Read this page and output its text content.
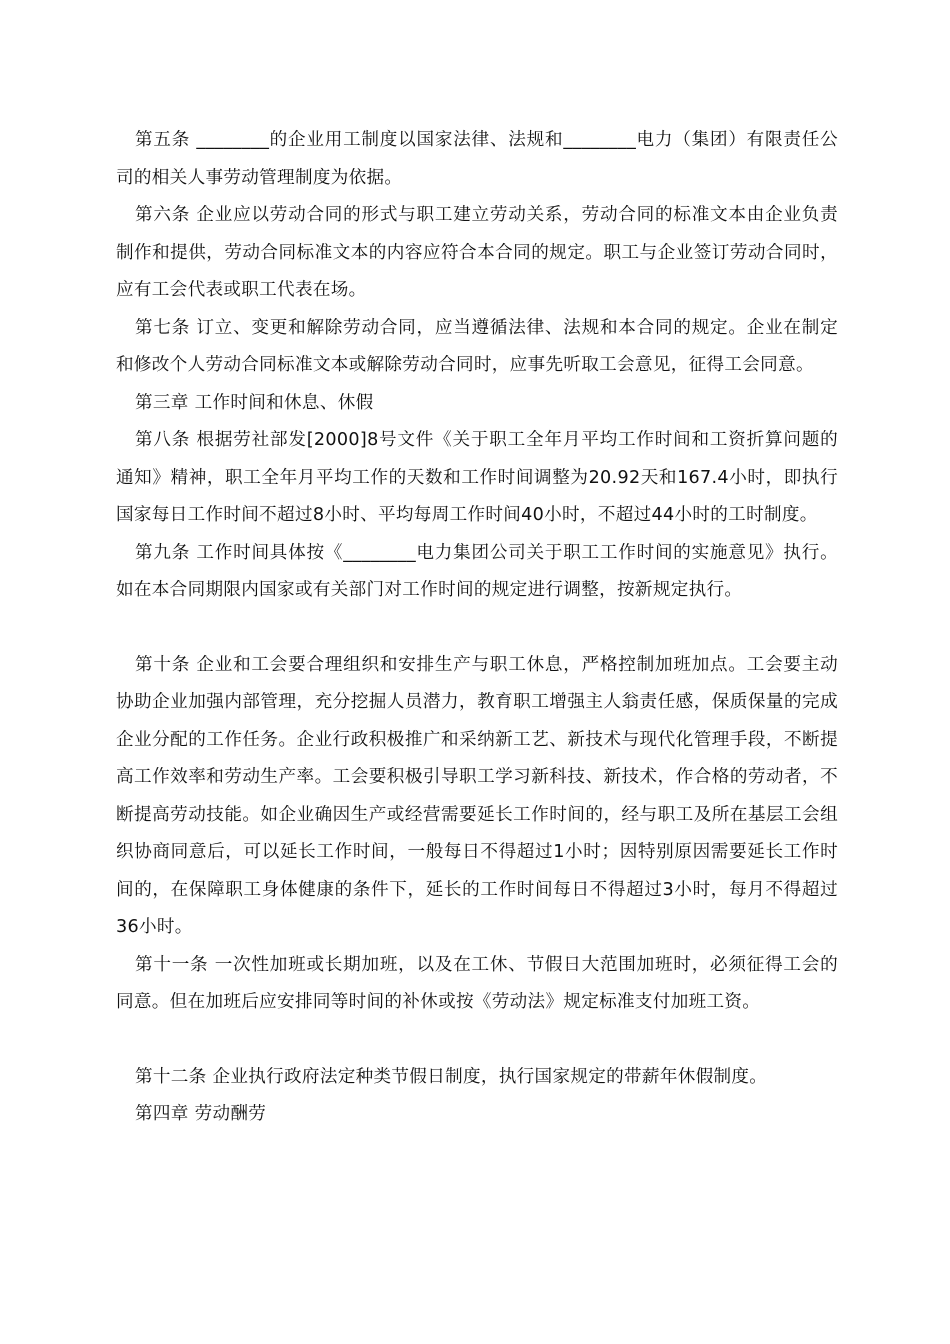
第五条 ________的企业用工制度以国家法律、法规和________电力（集团）有限责任公司的相关人事劳动管理制度为依据。

第六条 企业应以劳动合同的形式与职工建立劳动关系，劳动合同的标准文本由企业负责制作和提供，劳动合同标准文本的内容应符合本合同的规定。职工与企业签订劳动合同时，应有工会代表或职工代表在场。

第七条 订立、变更和解除劳动合同，应当遵循法律、法规和本合同的规定。企业在制定和修改个人劳动合同标准文本或解除劳动合同时，应事先听取工会意见，征得工会同意。

第三章 工作时间和休息、休假

第八条 根据劳社部发[2000]8号文件《关于职工全年月平均工作时间和工资折算问题的通知》精神，职工全年月平均工作的天数和工作时间调整为20.92天和167.4小时，即执行国家每日工作时间不超过8小时、平均每周工作时间40小时，不超过44小时的工时制度。

第九条 工作时间具体按《________电力集团公司关于职工工作时间的实施意见》执行。如在本合同期限内国家或有关部门对工作时间的规定进行调整，按新规定执行。

第十条 企业和工会要合理组织和安排生产与职工休息，严格控制加班加点。工会要主动协助企业加强内部管理，充分挖掘人员潜力，教育职工增强主人翁责任感，保质保量的完成企业分配的工作任务。企业行政积极推广和采纳新工艺、新技术与现代化管理手段，不断提高工作效率和劳动生产率。工会要积极引导职工学习新科技、新技术，作合格的劳动者，不断提高劳动技能。如企业确因生产或经营需要延长工作时间的，经与职工及所在基层工会组织协商同意后，可以延长工作时间，一般每日不得超过1小时；因特别原因需要延长工作时间的，在保障职工身体健康的条件下，延长的工作时间每日不得超过3小时，每月不得超过36小时。

第十一条 一次性加班或长期加班，以及在工休、节假日大范围加班时，必须征得工会的同意。但在加班后应安排同等时间的补休或按《劳动法》规定标准支付加班工资。

第十二条 企业执行政府法定种类节假日制度，执行国家规定的带薪年休假制度。

第四章 劳动酬劳
